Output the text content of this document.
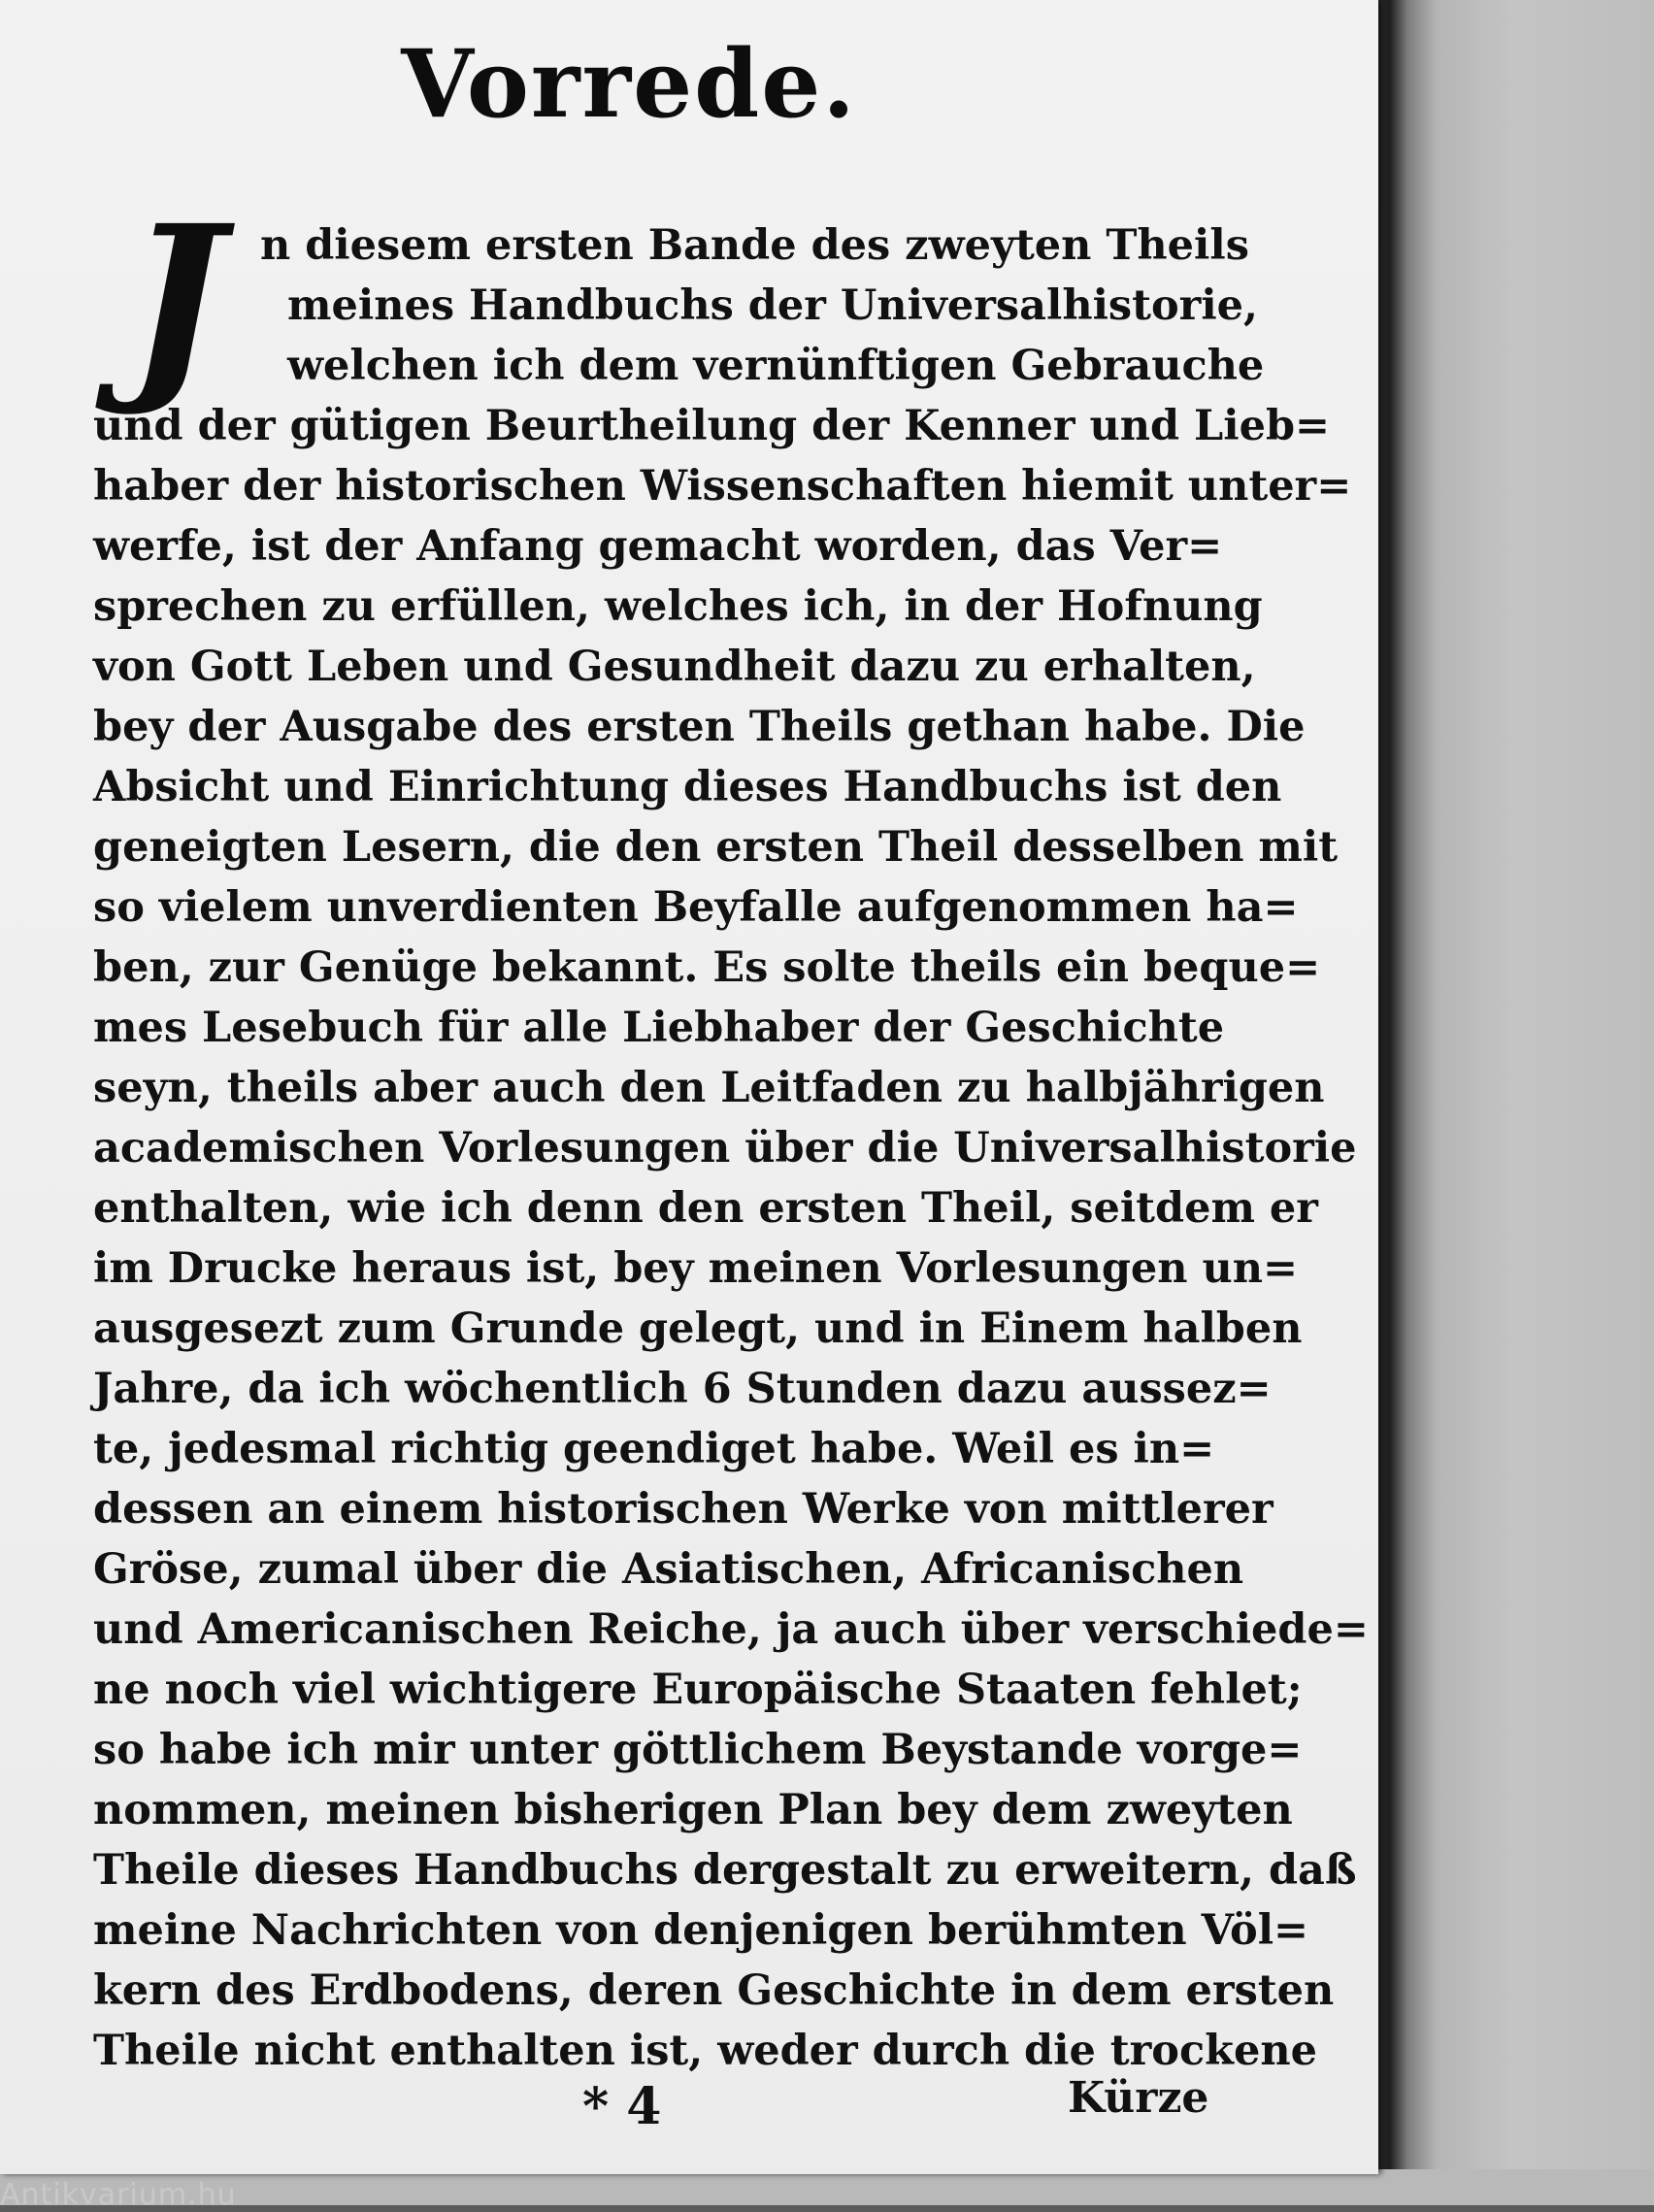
Vorrede.
J n diesem ersten Bande des zweyten Theils
meines Handbuchs der Universalhistorie,
welchen ich dem vernünftigen Gebrauche
und der gütigen Beurtheilung der Kenner und Lieb=
haber der historischen Wissenschaften hiemit unter=
werfe, ist der Anfang gemacht worden, das Ver=
sprechen zu erfüllen, welches ich, in der Hofnung
von Gott Leben und Gesundheit dazu zu erhalten,
bey der Ausgabe des ersten Theils gethan habe. Die
Absicht und Einrichtung dieses Handbuchs ist den
geneigten Lesern, die den ersten Theil desselben mit
so vielem unverdienten Beyfalle aufgenommen ha=
ben, zur Genüge bekannt. Es solte theils ein beque=
mes Lesebuch für alle Liebhaber der Geschichte
seyn, theils aber auch den Leitfaden zu halbjährigen
academischen Vorlesungen über die Universalhistorie
enthalten, wie ich denn den ersten Theil, seitdem er
im Drucke heraus ist, bey meinen Vorlesungen un=
ausgesezt zum Grunde gelegt, und in Einem halben
Jahre, da ich wöchentlich 6 Stunden dazu aussez=
te, jedesmal richtig geendiget habe. Weil es in=
dessen an einem historischen Werke von mittlerer
Gröse, zumal über die Asiatischen, Africanischen
und Americanischen Reiche, ja auch über verschiede=
ne noch viel wichtigere Europäische Staaten fehlet;
so habe ich mir unter göttlichem Beystande vorge=
nommen, meinen bisherigen Plan bey dem zweyten
Theile dieses Handbuchs dergestalt zu erweitern, daß
meine Nachrichten von denjenigen berühmten Völ=
kern des Erdbodens, deren Geschichte in dem ersten
Theile nicht enthalten ist, weder durch die trockene
* 4	Kürze
Antikvarium.hu
